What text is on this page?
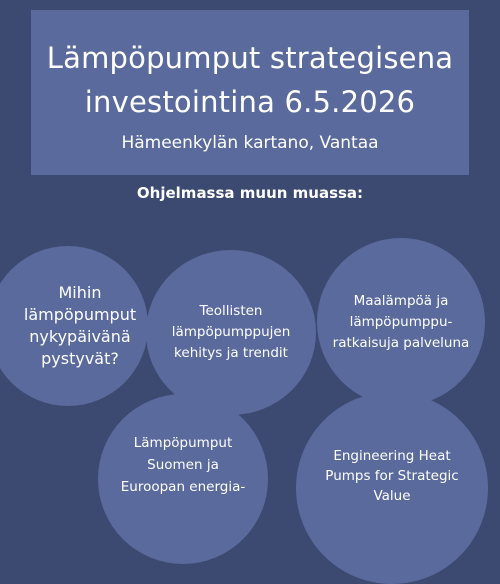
Lämpöpumput strategisena
investointina 6.5.2026
Hämeenkylän kartano, Vantaa
Ohjelmassa muun muassa:
Mihin
lämpöpumput
nykypäivänä
pystyvät?
Teollisten
lämpöpumppujen
kehitys ja trendit
Maalämpöä ja
lämpöpumppu-
ratkaisuja palveluna
Lämpöpumput
Suomen ja
Euroopan energia-
Engineering Heat
Pumps for Strategic
Value
